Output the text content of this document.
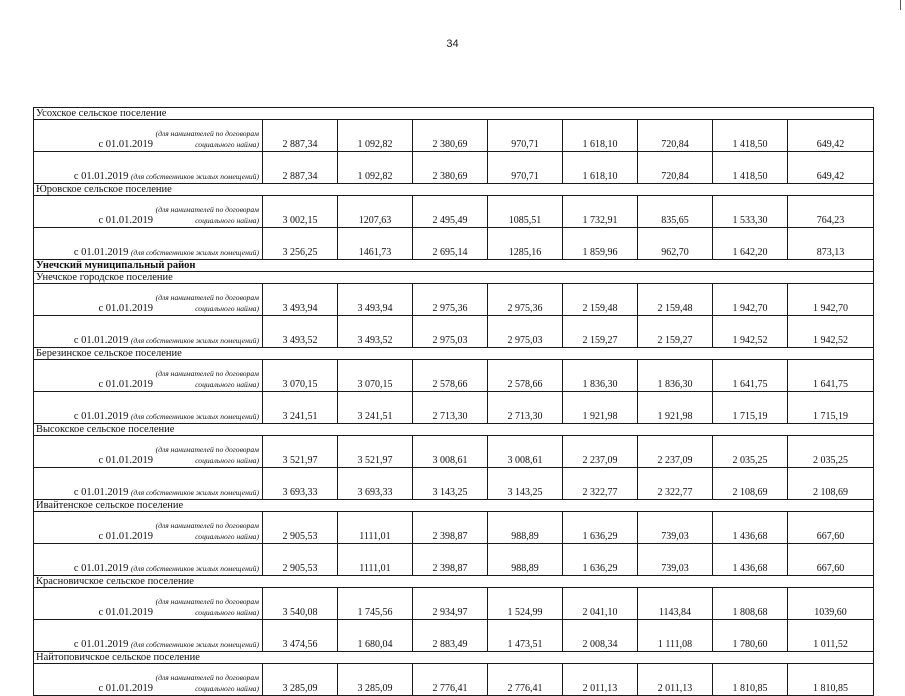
34
Усохское сельское поселение								

с 01.01.2019 (для нанимателей по договорам
социального найма)	2 887,34	1 092,82	2 380,69	970,71	1 618,10	720,84	1 418,50	649,42

с 01.01.2019 (для собственников жилых помещений)	2 887,34	1 092,82	2 380,69	970,71	1 618,10	720,84	1 418,50	649,42
Юровское сельское поселение								

с 01.01.2019 (для нанимателей по договорам
социального найма)	3 002,15	1207,63	2 495,49	1085,51	1 732,91	835,65	1 533,30	764,23

с 01.01.2019 (для собственников жилых помещений)	3 256,25	1461,73	2 695,14	1285,16	1 859,96	962,70	1 642,20	873,13
Унечский муниципальный район								
Унечское городское поселение								

с 01.01.2019 (для нанимателей по договорам
социального найма)	3 493,94	3 493,94	2 975,36	2 975,36	2 159,48	2 159,48	1 942,70	1 942,70

с 01.01.2019 (для собственников жилых помещений)	3 493,52	3 493,52	2 975,03	2 975,03	2 159,27	2 159,27	1 942,52	1 942,52
Березинское сельское поселение								

с 01.01.2019 (для нанимателей по договорам
социального найма)	3 070,15	3 070,15	2 578,66	2 578,66	1 836,30	1 836,30	1 641,75	1 641,75

с 01.01.2019 (для собственников жилых помещений)	3 241,51	3 241,51	2 713,30	2 713,30	1 921,98	1 921,98	1 715,19	1 715,19
Высокское сельское поселение								

с 01.01.2019 (для нанимателей по договорам
социального найма)	3 521,97	3 521,97	3 008,61	3 008,61	2 237,09	2 237,09	2 035,25	2 035,25

с 01.01.2019 (для собственников жилых помещений)	3 693,33	3 693,33	3 143,25	3 143,25	2 322,77	2 322,77	2 108,69	2 108,69
Ивайтенское сельское поселение								

с 01.01.2019 (для нанимателей по договорам
социального найма)	2 905,53	1111,01	2 398,87	988,89	1 636,29	739,03	1 436,68	667,60

с 01.01.2019 (для собственников жилых помещений)	2 905,53	1111,01	2 398,87	988,89	1 636,29	739,03	1 436,68	667,60
Красновичское сельское поселение								

с 01.01.2019 (для нанимателей по договорам
социального найма)	3 540,08	1 745,56	2 934,97	1 524,99	2 041,10	1143,84	1 808,68	1039,60

с 01.01.2019 (для собственников жилых помещений)	3 474,56	1 680,04	2 883,49	1 473,51	2 008,34	1 111,08	1 780,60	1 011,52
Найтоповичское сельское поселение								

с 01.01.2019 (для нанимателей по договорам
социального найма)	3 285,09	3 285,09	2 776,41	2 776,41	2 011,13	2 011,13	1 810,85	1 810,85
